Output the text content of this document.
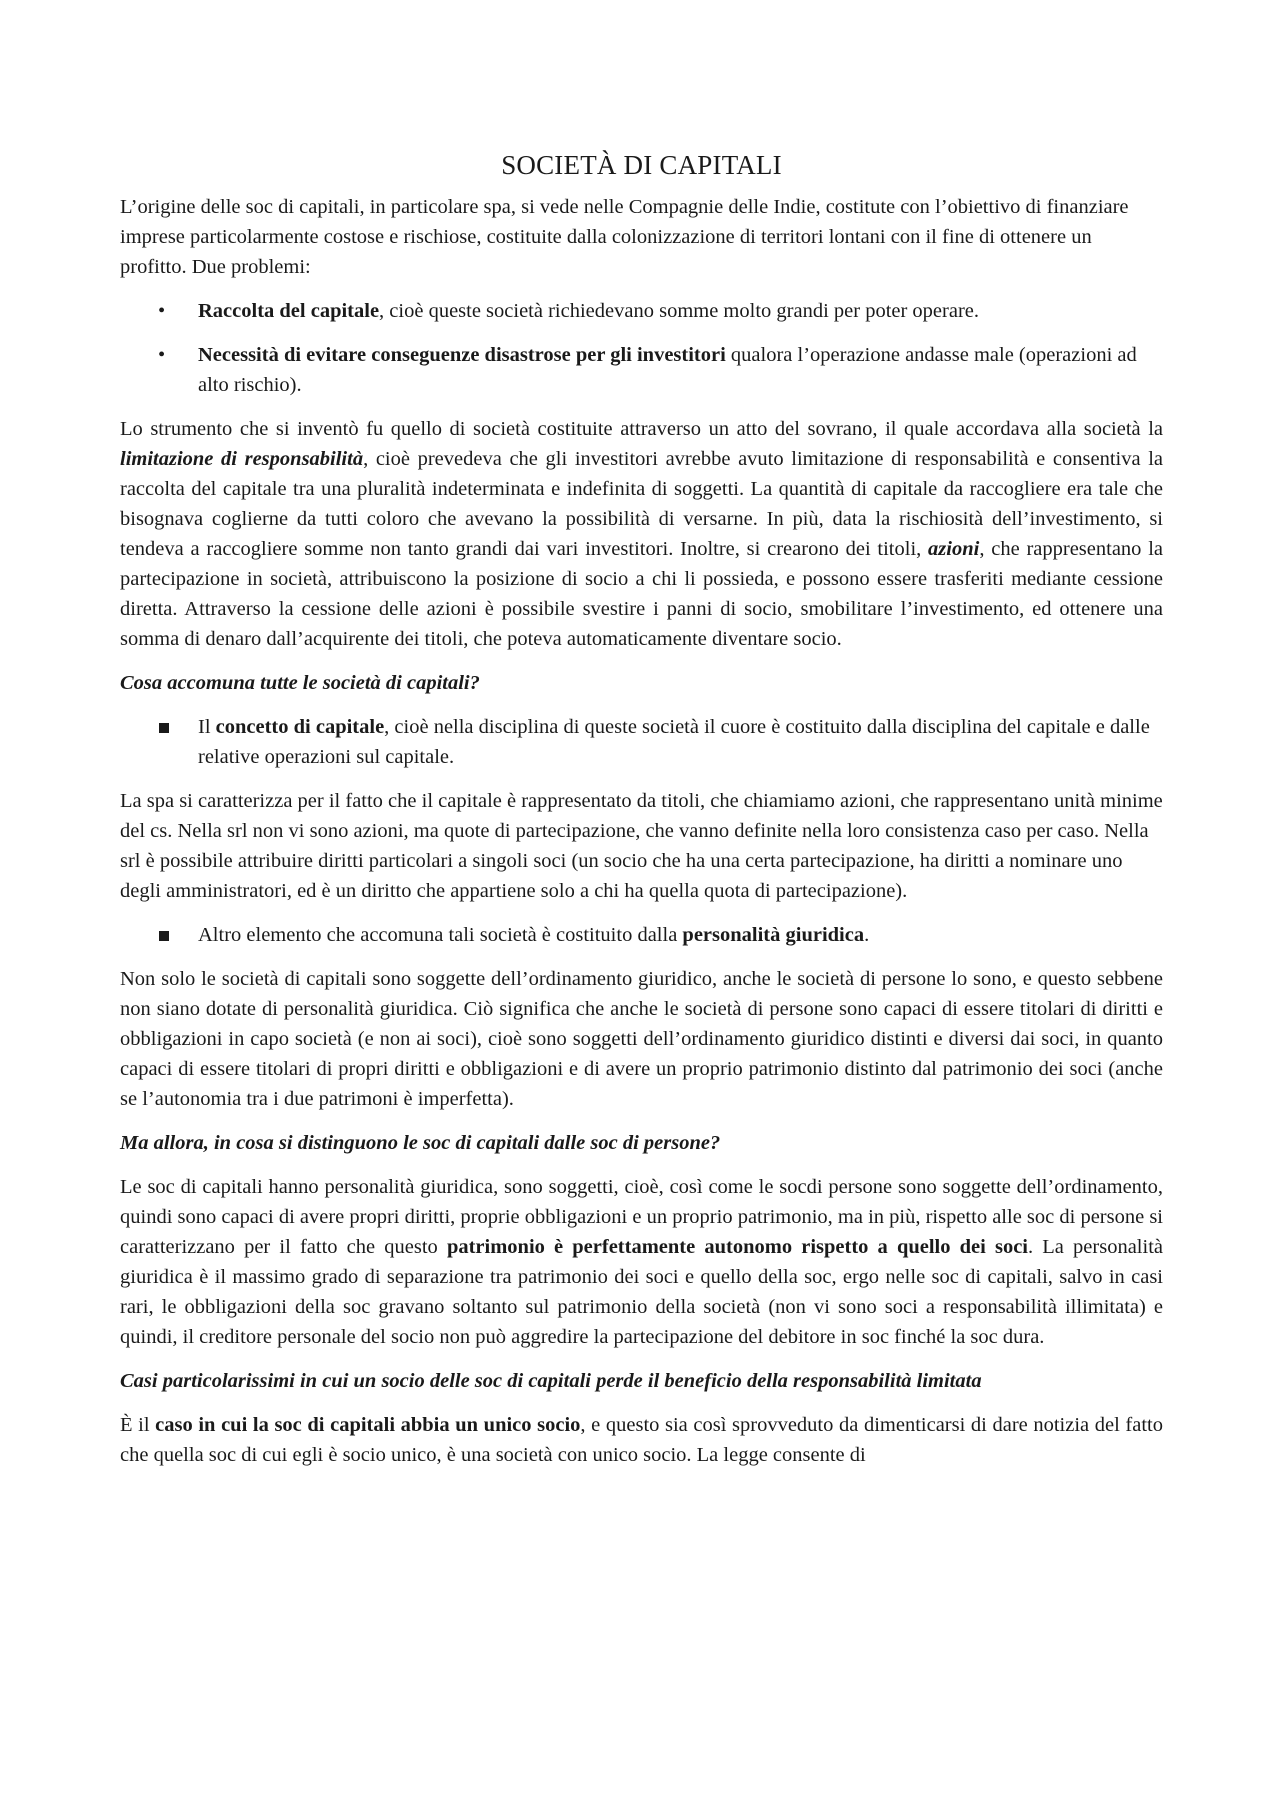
SOCIETÀ DI CAPITALI

L’origine delle soc di capitali, in particolare spa, si vede nelle Compagnie delle Indie, costitute con l’obiettivo di finanziare imprese particolarmente costose e rischiose, costituite dalla colonizzazione di territori lontani con il fine di ottenere un profitto. Due problemi:

• Raccolta del capitale, cioè queste società richiedevano somme molto grandi per poter operare.
• Necessità di evitare conseguenze disastrose per gli investitori qualora l’operazione andasse male (operazioni ad alto rischio).

Lo strumento che si inventò fu quello di società costituite attraverso un atto del sovrano, il quale accordava alla società la limitazione di responsabilità, cioè prevedeva che gli investitori avrebbe avuto limitazione di responsabilità e consentiva la raccolta del capitale tra una pluralità indeterminata e indefinita di soggetti. La quantità di capitale da raccogliere era tale che bisognava coglierne da tutti coloro che avevano la possibilità di versarne. In più, data la rischiosità dell’investimento, si tendeva a raccogliere somme non tanto grandi dai vari investitori. Inoltre, si crearono dei titoli, azioni, che rappresentano la partecipazione in società, attribuiscono la posizione di socio a chi li possieda, e possono essere trasferiti mediante cessione diretta. Attraverso la cessione delle azioni è possibile svestire i panni di socio, smobilitare l’investimento, ed ottenere una somma di denaro dall’acquirente dei titoli, che poteva automaticamente diventare socio.

Cosa accomuna tutte le società di capitali?

Il concetto di capitale, cioè nella disciplina di queste società il cuore è costituito dalla disciplina del capitale e dalle relative operazioni sul capitale.

La spa si caratterizza per il fatto che il capitale è rappresentato da titoli, che chiamiamo azioni, che rappresentano unità minime del cs. Nella srl non vi sono azioni, ma quote di partecipazione, che vanno definite nella loro consistenza caso per caso. Nella srl è possibile attribuire diritti particolari a singoli soci (un socio che ha una certa partecipazione, ha diritti a nominare uno degli amministratori, ed è un diritto che appartiene solo a chi ha quella quota di partecipazione).

Altro elemento che accomuna tali società è costituito dalla personalità giuridica.

Non solo le società di capitali sono soggette dell’ordinamento giuridico, anche le società di persone lo sono, e questo sebbene non siano dotate di personalità giuridica. Ciò significa che anche le società di persone sono capaci di essere titolari di diritti e obbligazioni in capo società (e non ai soci), cioè sono soggetti dell’ordinamento giuridico distinti e diversi dai soci, in quanto capaci di essere titolari di propri diritti e obbligazioni e di avere un proprio patrimonio distinto dal patrimonio dei soci (anche se l’autonomia tra i due patrimoni è imperfetta).

Ma allora, in cosa si distinguono le soc di capitali dalle soc di persone?

Le soc di capitali hanno personalità giuridica, sono soggetti, cioè, così come le socdi persone sono soggette dell’ordinamento, quindi sono capaci di avere propri diritti, proprie obbligazioni e un proprio patrimonio, ma in più, rispetto alle soc di persone si caratterizzano per il fatto che questo patrimonio è perfettamente autonomo rispetto a quello dei soci. La personalità giuridica è il massimo grado di separazione tra patrimonio dei soci e quello della soc, ergo nelle soc di capitali, salvo in casi rari, le obbligazioni della soc gravano soltanto sul patrimonio della società (non vi sono soci a responsabilità illimitata) e quindi, il creditore personale del socio non può aggredire la partecipazione del debitore in soc finché la soc dura.

Casi particolarissimi in cui un socio delle soc di capitali perde il beneficio della responsabilità limitata

È il caso in cui la soc di capitali abbia un unico socio, e questo sia così sprovveduto da dimenticarsi di dare notizia del fatto che quella soc di cui egli è socio unico, è una società con unico socio. La legge consente di
